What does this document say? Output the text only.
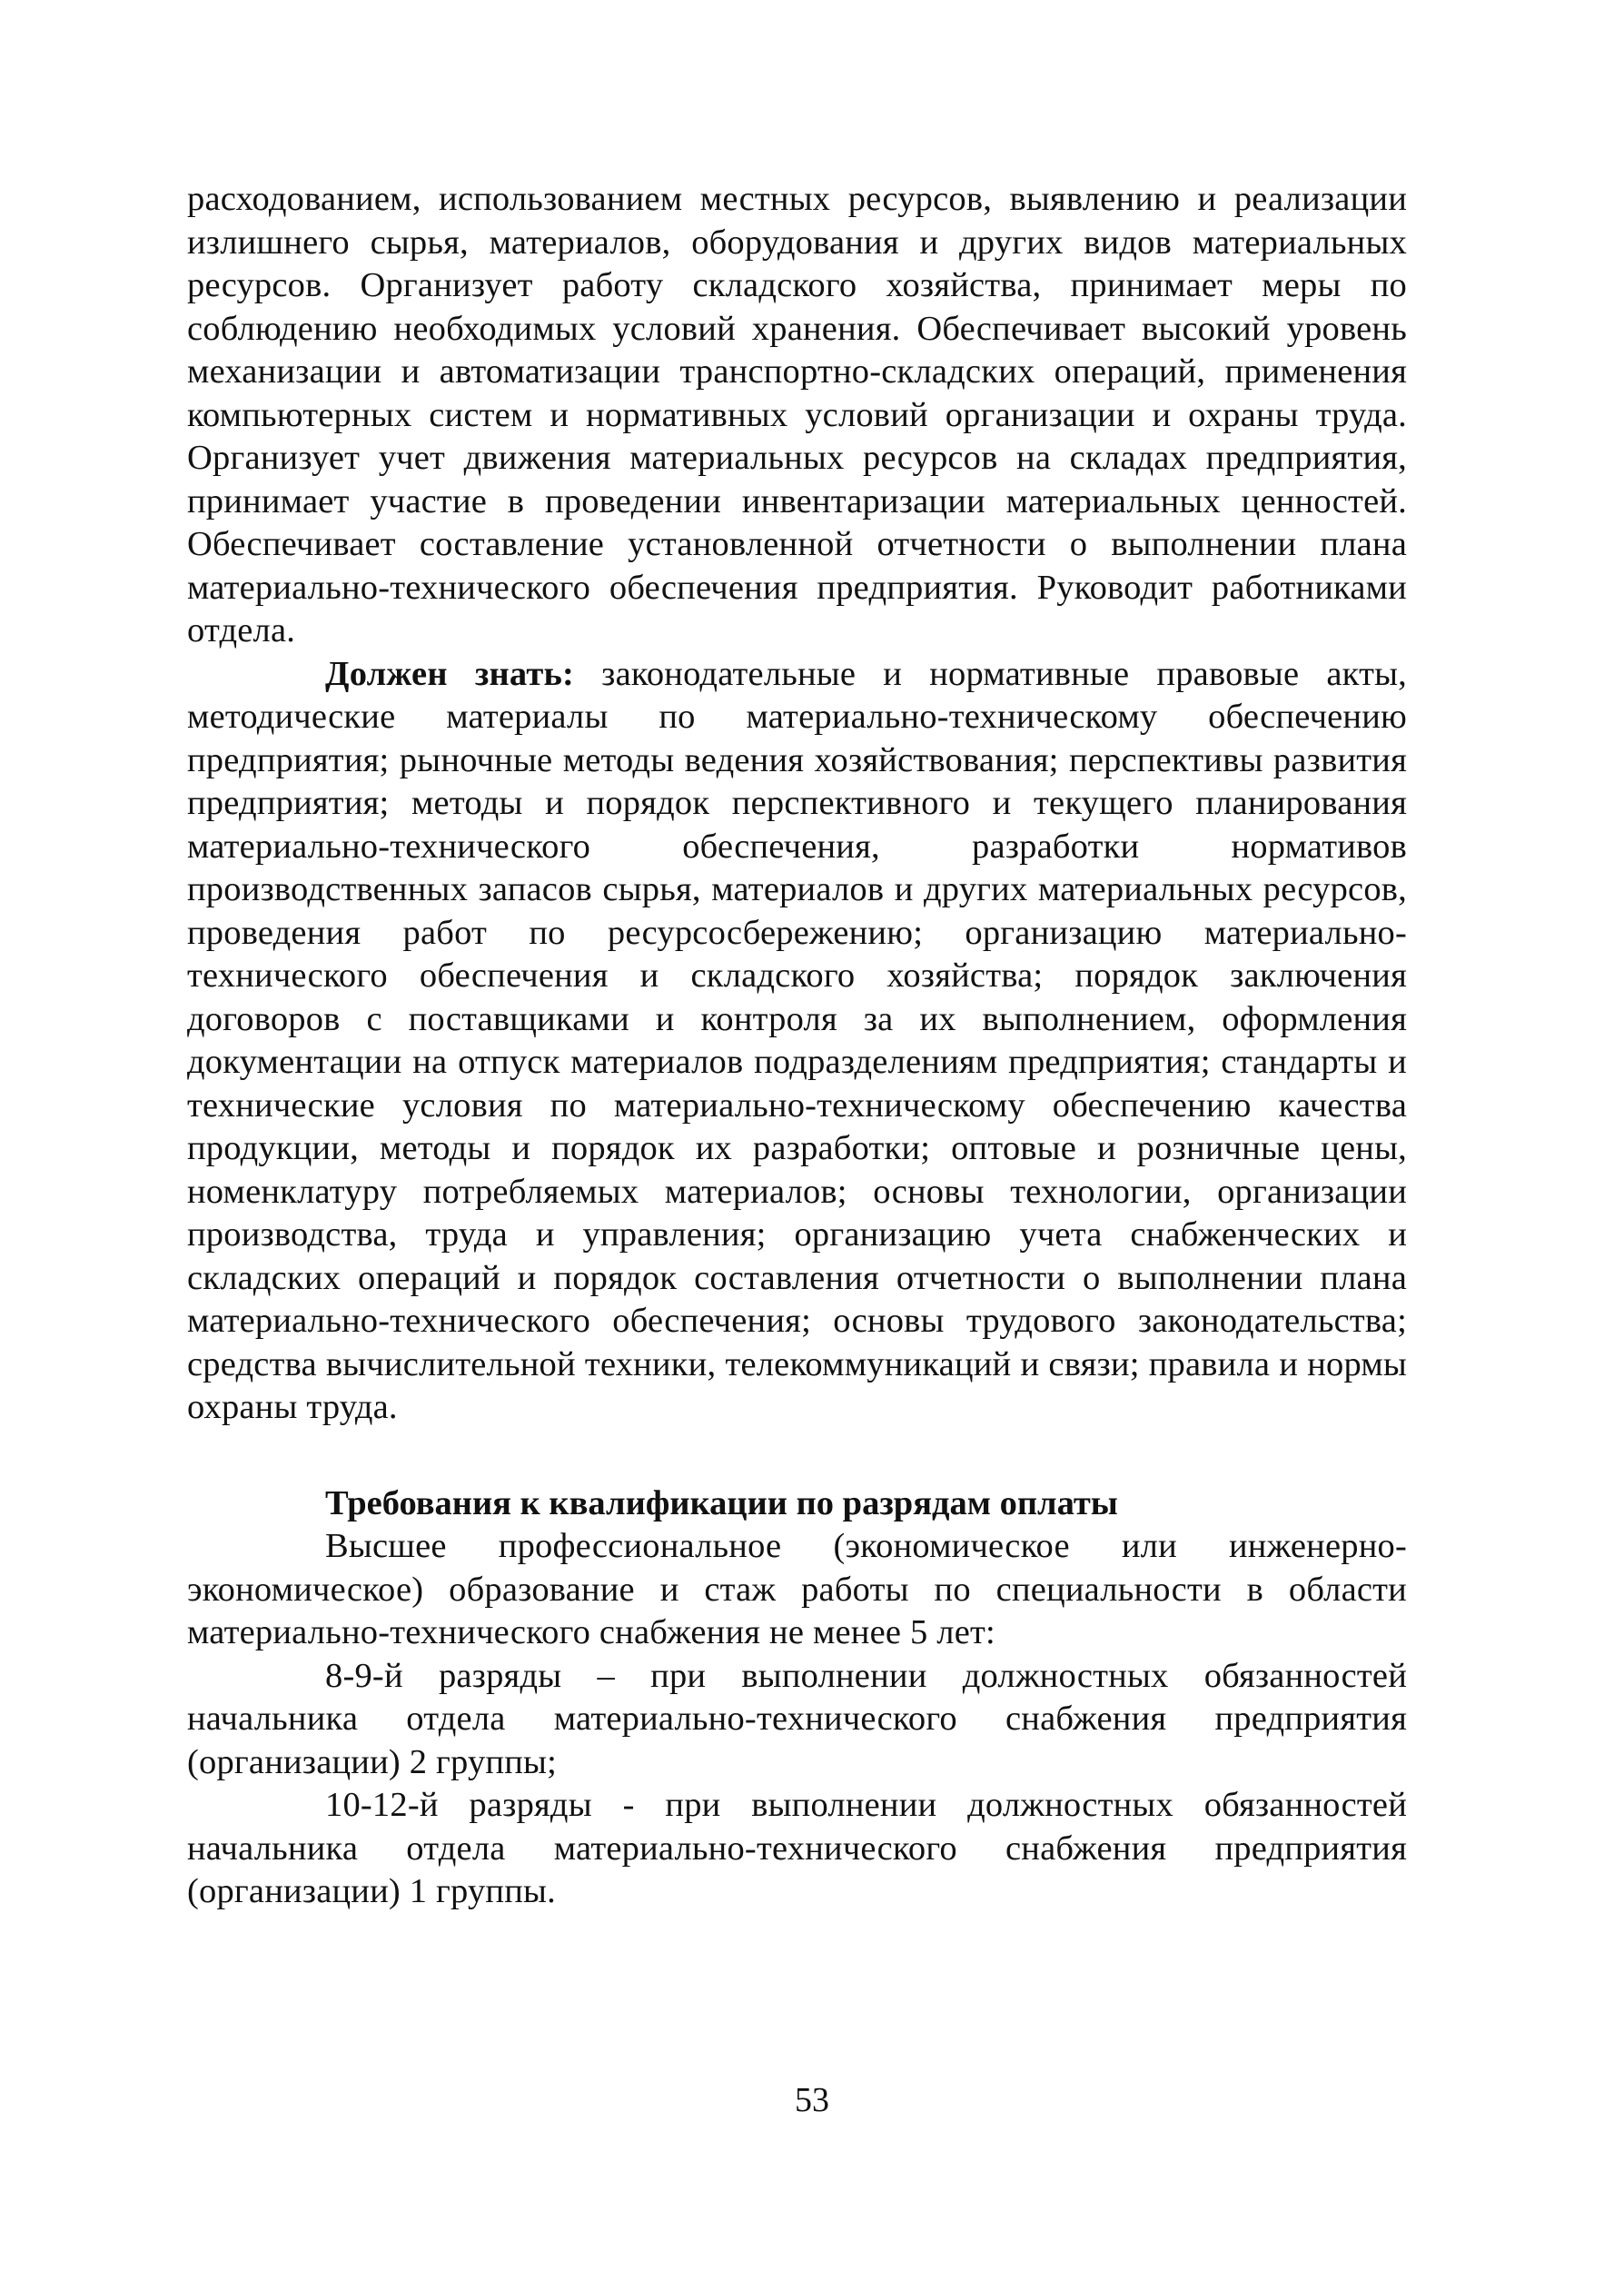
расходованием, использованием местных ресурсов, выявлению и реализации излишнего сырья, материалов, оборудования и других видов материальных ресурсов. Организует работу складского хозяйства, принимает меры по соблюдению необходимых условий хранения. Обеспечивает высокий уровень механизации и автоматизации транспортно-складских операций, применения компьютерных систем и нормативных условий организации и охраны труда. Организует учет движения материальных ресурсов на складах предприятия, принимает участие в проведении инвентаризации материальных ценностей. Обеспечивает составление установленной отчетности о выполнении плана материально-технического обеспечения предприятия. Руководит работниками отдела.

Должен знать: законодательные и нормативные правовые акты, методические материалы по материально-техническому обеспечению предприятия; рыночные методы ведения хозяйствования; перспективы развития предприятия; методы и порядок перспективного и текущего планирования материально-технического обеспечения, разработки нормативов производственных запасов сырья, материалов и других материальных ресурсов, проведения работ по ресурсосбережению; организацию материально-технического обеспечения и складского хозяйства; порядок заключения договоров с поставщиками и контроля за их выполнением, оформления документации на отпуск материалов подразделениям предприятия; стандарты и технические условия по материально-техническому обеспечению качества продукции, методы и порядок их разработки; оптовые и розничные цены, номенклатуру потребляемых материалов; основы технологии, организации производства, труда и управления; организацию учета снабженческих и складских операций и порядок составления отчетности о выполнении плана материально-технического обеспечения; основы трудового законодательства; средства вычислительной техники, телекоммуникаций и связи; правила и нормы охраны труда.

Требования к квалификации по разрядам оплаты

Высшее профессиональное (экономическое или инженерно-экономическое) образование и стаж работы по специальности в области материально-технического снабжения не менее 5 лет:

8-9-й разряды – при выполнении должностных обязанностей начальника отдела материально-технического снабжения предприятия (организации) 2 группы;

10-12-й разряды - при выполнении должностных обязанностей начальника отдела материально-технического снабжения предприятия (организации) 1 группы.

53
